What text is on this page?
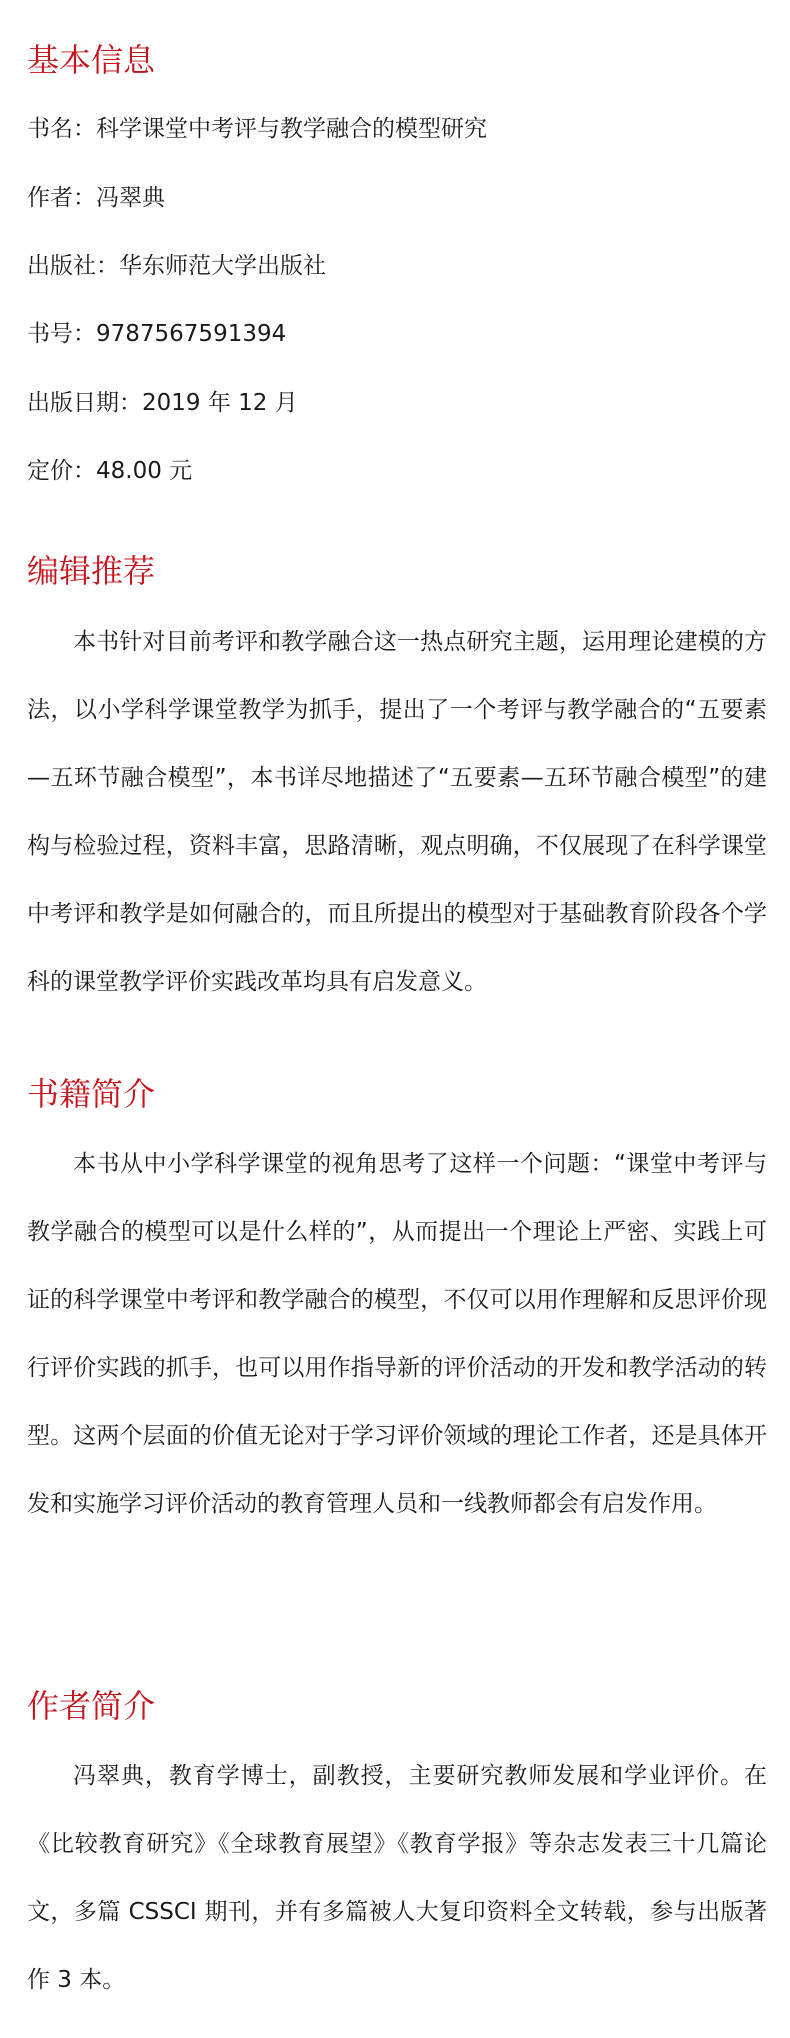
基本信息
书名：科学课堂中考评与教学融合的模型研究
作者：冯翠典
出版社：华东师范大学出版社
书号：9787567591394
出版日期：2019 年 12 月
定价：48.00 元
编辑推荐

本书针对目前考评和教学融合这一热点研究主题，运用理论建模的方法，以小学科学课堂教学为抓手，提出了一个考评与教学融合的“五要素—五环节融合模型”，本书详尽地描述了“五要素—五环节融合模型”的建构与检验过程，资料丰富，思路清晰，观点明确，不仅展现了在科学课堂中考评和教学是如何融合的，而且所提出的模型对于基础教育阶段各个学科的课堂教学评价实践改革均具有启发意义。

书籍简介

本书从中小学科学课堂的视角思考了这样一个问题：“课堂中考评与教学融合的模型可以是什么样的”，从而提出一个理论上严密、实践上可证的科学课堂中考评和教学融合的模型，不仅可以用作理解和反思评价现行评价实践的抓手，也可以用作指导新的评价活动的开发和教学活动的转型。这两个层面的价值无论对于学习评价领域的理论工作者，还是具体开发和实施学习评价活动的教育管理人员和一线教师都会有启发作用。

作者简介

冯翠典，教育学博士，副教授，主要研究教师发展和学业评价。在《比较教育研究》《全球教育展望》《教育学报》等杂志发表三十几篇论文，多篇 CSSCI 期刊，并有多篇被人大复印资料全文转载，参与出版著作 3 本。
